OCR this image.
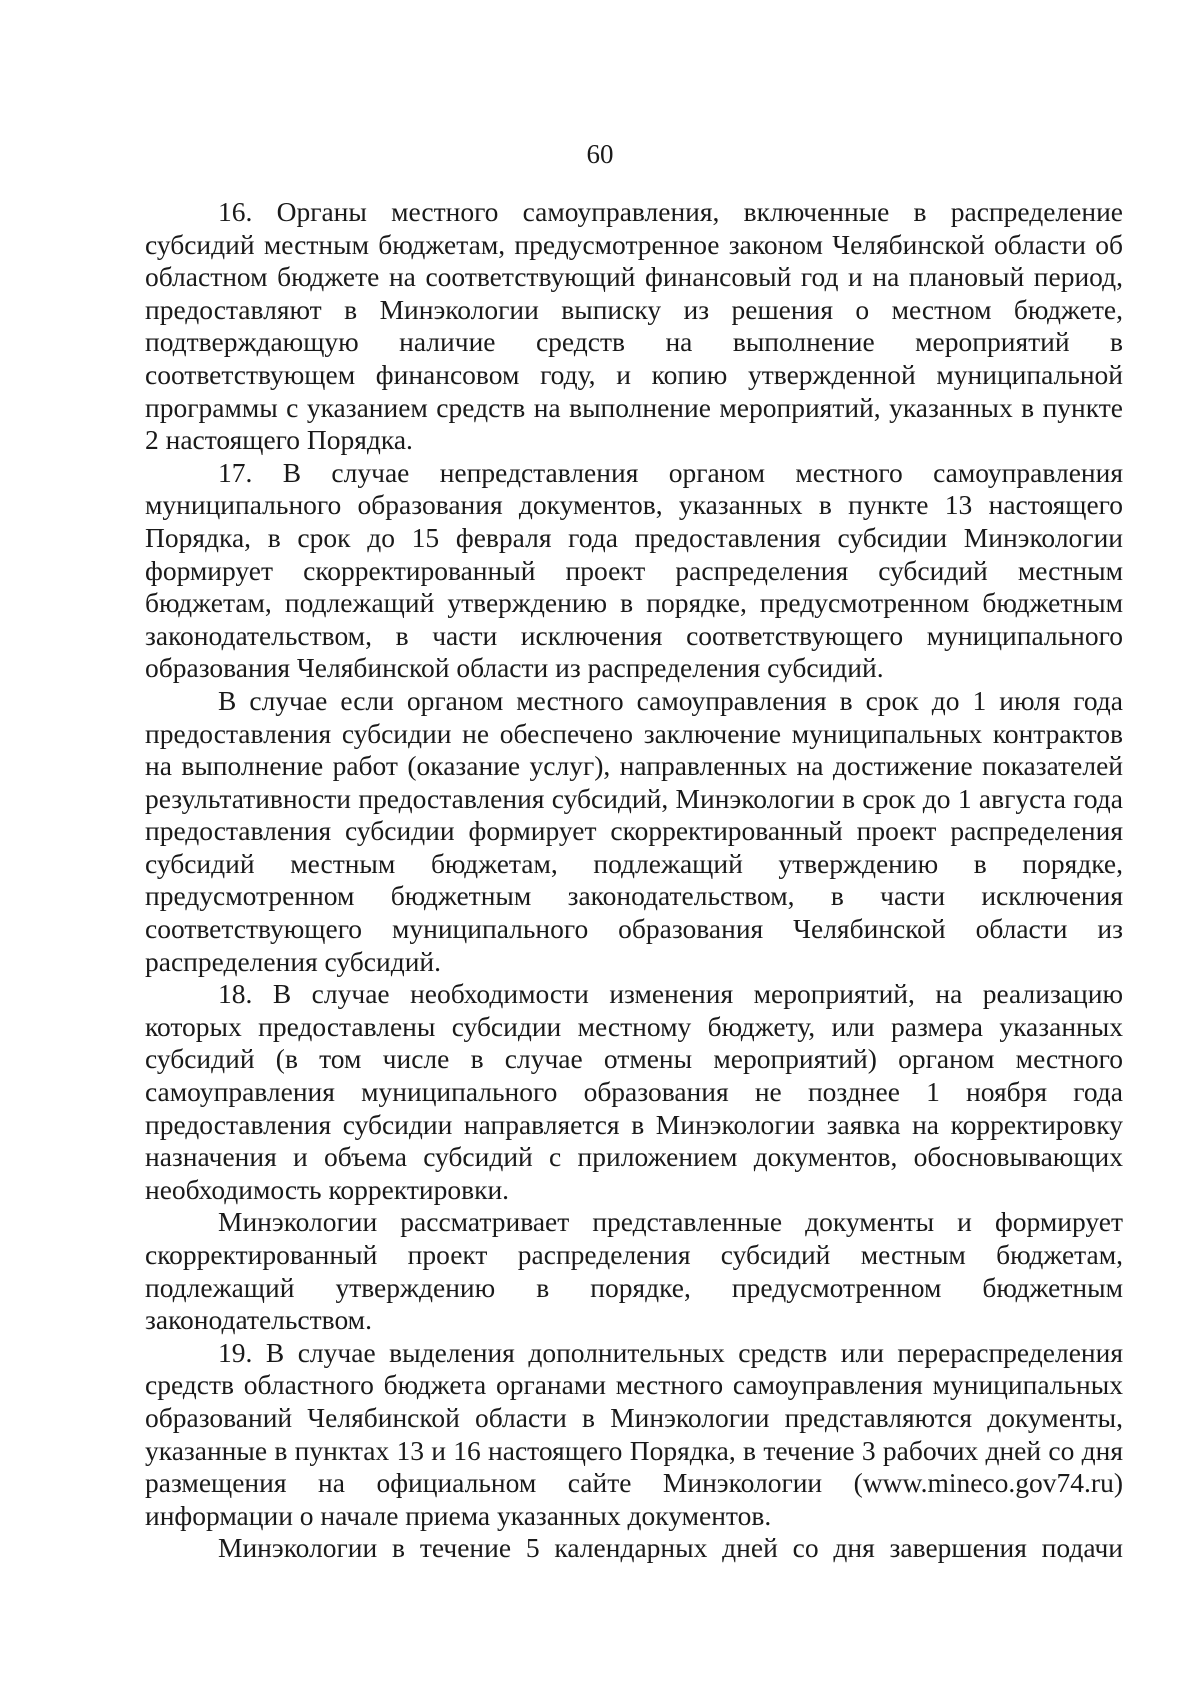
60

16. Органы местного самоуправления, включенные в распределение субсидий местным бюджетам, предусмотренное законом Челябинской области об областном бюджете на соответствующий финансовый год и на плановый период, предоставляют в Минэкологии выписку из решения о местном бюджете, подтверждающую наличие средств на выполнение мероприятий в соответствующем финансовом году, и копию утвержденной муниципальной программы с указанием средств на выполнение мероприятий, указанных в пункте 2 настоящего Порядка.

17. В случае непредставления органом местного самоуправления муниципального образования документов, указанных в пункте 13 настоящего Порядка, в срок до 15 февраля года предоставления субсидии Минэкологии формирует скорректированный проект распределения субсидий местным бюджетам, подлежащий утверждению в порядке, предусмотренном бюджетным законодательством, в части исключения соответствующего муниципального образования Челябинской области из распределения субсидий.

В случае если органом местного самоуправления в срок до 1 июля года предоставления субсидии не обеспечено заключение муниципальных контрактов на выполнение работ (оказание услуг), направленных на достижение показателей результативности предоставления субсидий, Минэкологии в срок до 1 августа года предоставления субсидии формирует скорректированный проект распределения субсидий местным бюджетам, подлежащий утверждению в порядке, предусмотренном бюджетным законодательством, в части исключения соответствующего муниципального образования Челябинской области из распределения субсидий.

18. В случае необходимости изменения мероприятий, на реализацию которых предоставлены субсидии местному бюджету, или размера указанных субсидий (в том числе в случае отмены мероприятий) органом местного самоуправления муниципального образования не позднее 1 ноября года предоставления субсидии направляется в Минэкологии заявка на корректировку назначения и объема субсидий с приложением документов, обосновывающих необходимость корректировки.

Минэкологии рассматривает представленные документы и формирует скорректированный проект распределения субсидий местным бюджетам, подлежащий утверждению в порядке, предусмотренном бюджетным законодательством.

19. В случае выделения дополнительных средств или перераспределения средств областного бюджета органами местного самоуправления муниципальных образований Челябинской области в Минэкологии представляются документы, указанные в пунктах 13 и 16 настоящего Порядка, в течение 3 рабочих дней со дня размещения на официальном сайте Минэкологии (www.mineco.gov74.ru) информации о начале приема указанных документов.

Минэкологии в течение 5 календарных дней со дня завершения подачи
